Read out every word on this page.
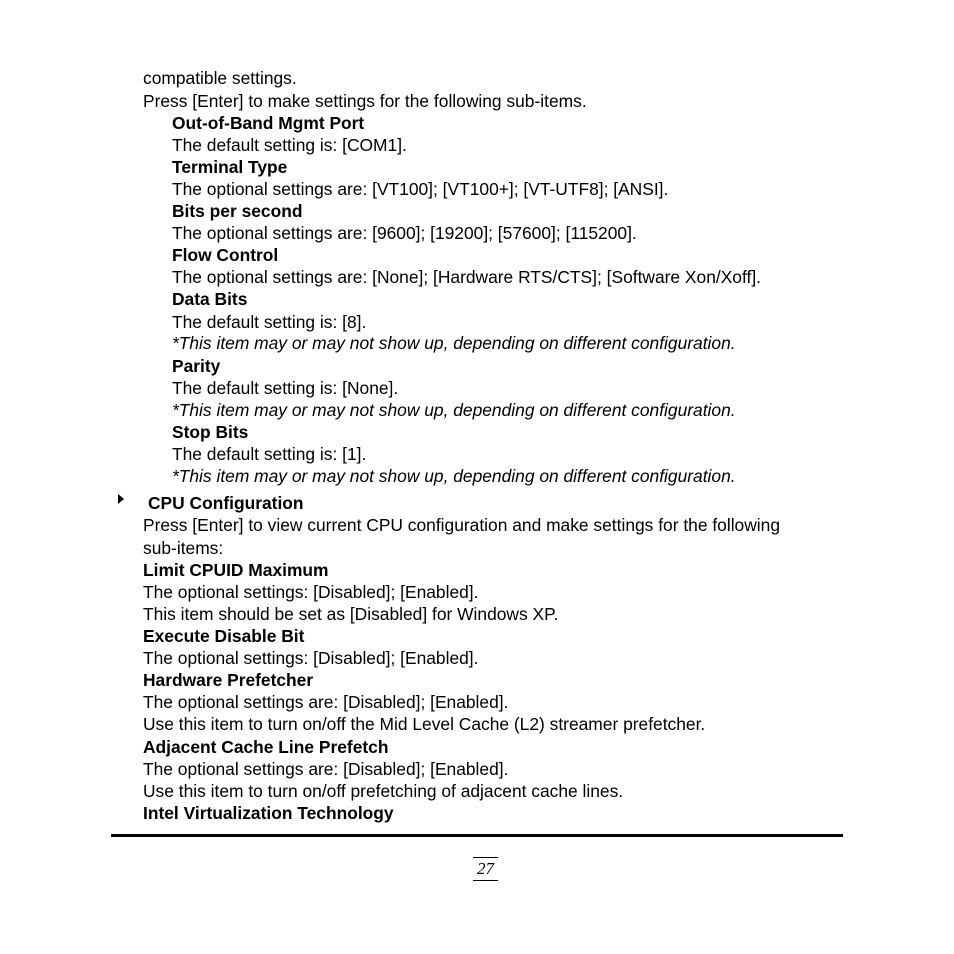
compatible settings.
Press [Enter] to make settings for the following sub-items.
Out-of-Band Mgmt Port
The default setting is: [COM1].
Terminal Type
The optional settings are: [VT100]; [VT100+]; [VT-UTF8]; [ANSI].
Bits per second
The optional settings are: [9600]; [19200]; [57600]; [115200].
Flow Control
The optional settings are: [None]; [Hardware RTS/CTS]; [Software Xon/Xoff].
Data Bits
The default setting is: [8].
*This item may or may not show up, depending on different configuration.
Parity
The default setting is: [None].
*This item may or may not show up, depending on different configuration.
Stop Bits
The default setting is: [1].
*This item may or may not show up, depending on different configuration.
CPU Configuration
Press [Enter] to view current CPU configuration and make settings for the following
sub-items:
Limit CPUID Maximum
The optional settings: [Disabled]; [Enabled].
This item should be set as [Disabled] for Windows XP.
Execute Disable Bit
The optional settings: [Disabled]; [Enabled].
Hardware Prefetcher
The optional settings are: [Disabled]; [Enabled].
Use this item to turn on/off the Mid Level Cache (L2) streamer prefetcher.
Adjacent Cache Line Prefetch
The optional settings are: [Disabled]; [Enabled].
Use this item to turn on/off prefetching of adjacent cache lines.
Intel Virtualization Technology
27
